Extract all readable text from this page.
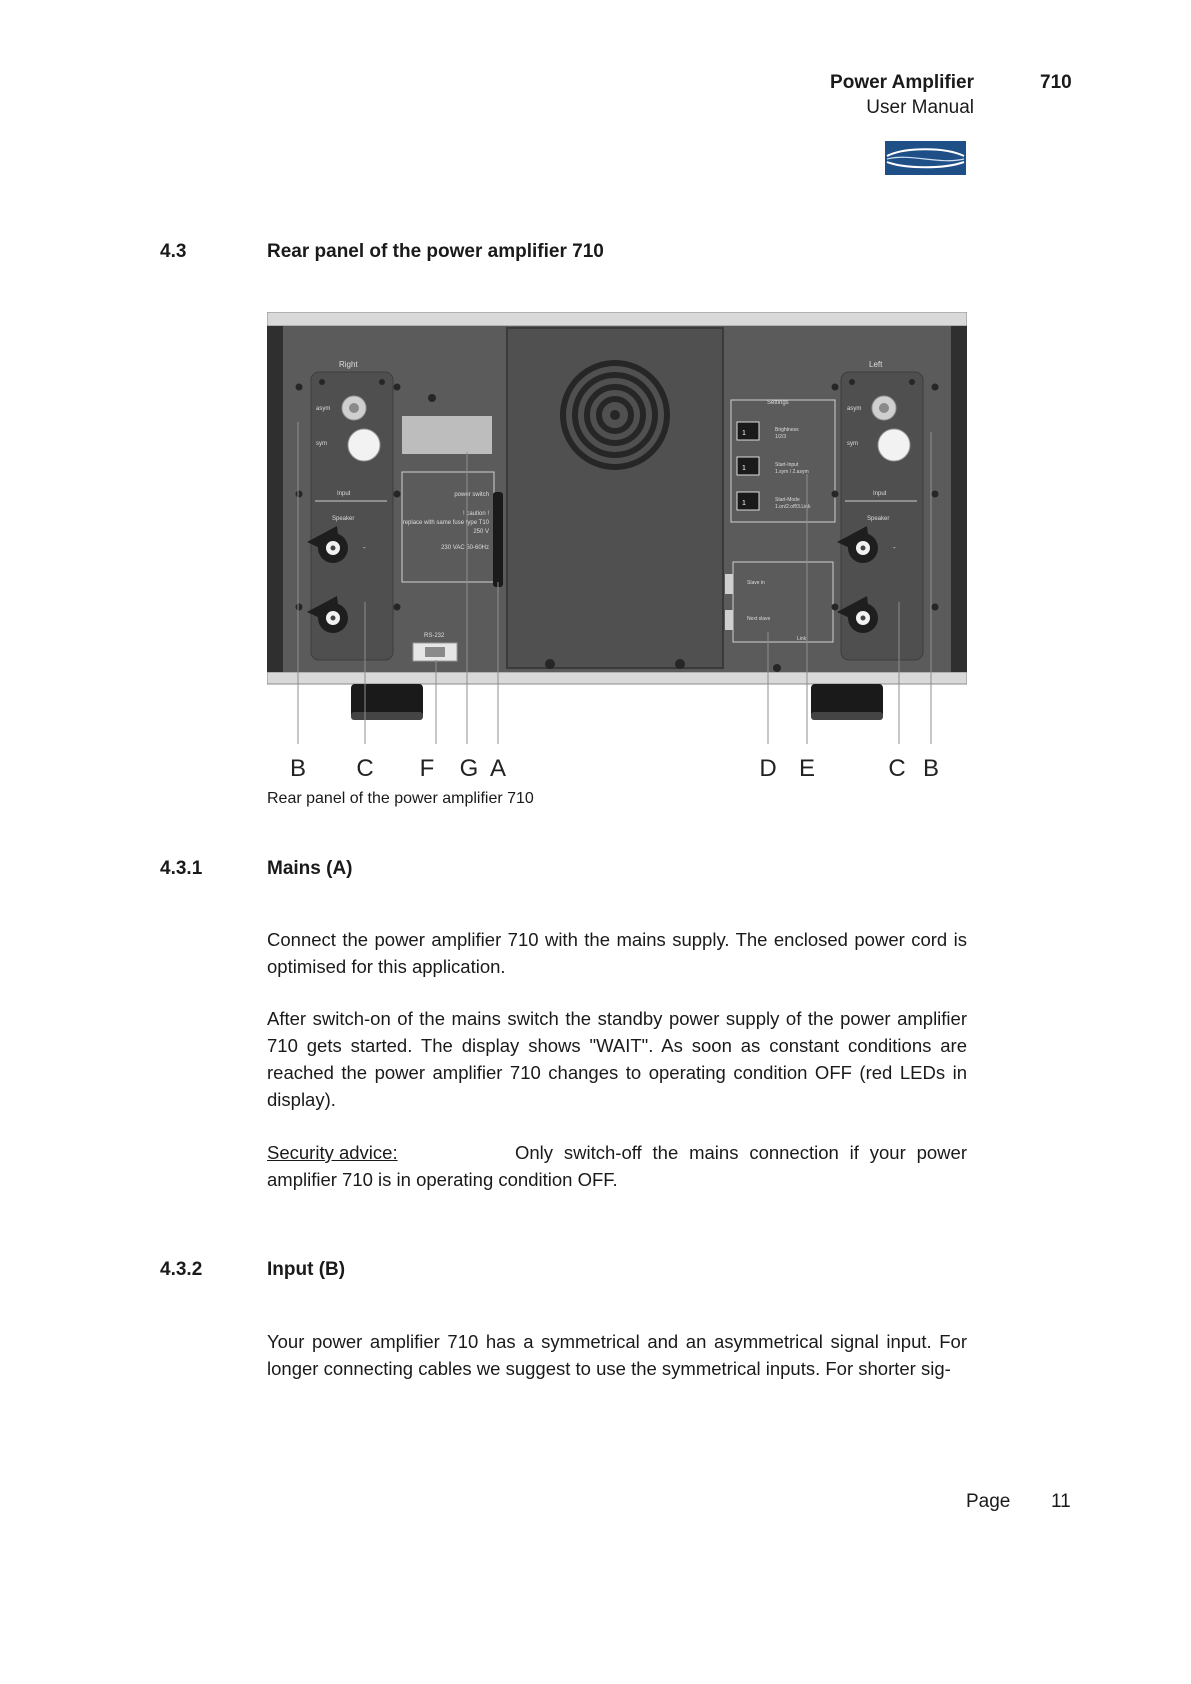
Power Amplifier	710
User Manual
4.3	Rear panel of the power amplifier 710
Right
asym
sym
Input
Speaker
-
power switch
! caution !
replace with same fuse type T10
250 V
230 VAC 50-60Hz
RS-232
Settings
1	Brightness
1/2/3
1	Start-Input
1.sym / 2.asym
1	Start-Mode
1.on/2.off/3.Link
Slave in
Next slave
Link
Left
asym
sym
Input
Speaker
-
B C F G A	D E	C B
Rear panel of the power amplifier 710
4.3.1	Mains (A)
Connect the power amplifier 710 with the mains supply. The enclosed power cord is optimised for this application.
After switch-on of the mains switch the standby power supply of the power amplifier 710 gets started. The display shows "WAIT". As soon as constant conditions are reached the power amplifier 710 changes to operating condition OFF (red LEDs in display).
Security advice:	Only switch-off the mains connection if your power
amplifier 710 is in operating condition OFF.
4.3.2	Input (B)
Your power amplifier 710 has a symmetrical and an asymmetrical signal input. For longer connecting cables we suggest to use the symmetrical inputs. For shorter sig-
Page 11
